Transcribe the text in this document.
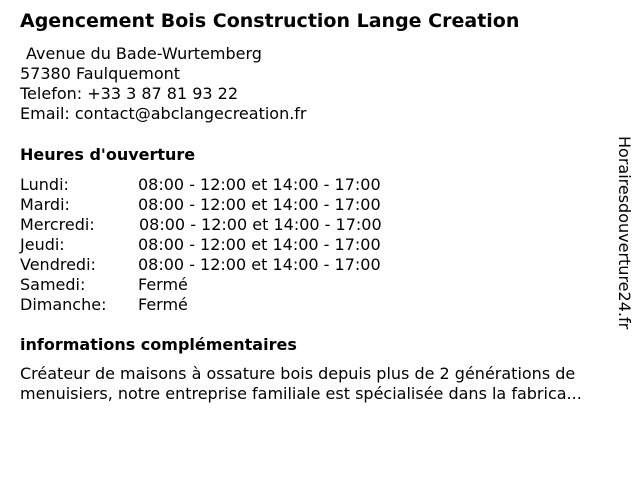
Agencement Bois Construction Lange Creation
Avenue du Bade-Wurtemberg
57380 Faulquemont
Telefon: +33 3 87 81 93 22
Email: contact@abclangecreation.fr
Heures d'ouverture
Lundi:	08:00 - 12:00 et 14:00 - 17:00
Mardi:	08:00 - 12:00 et 14:00 - 17:00
Mercredi:	08:00 - 12:00 et 14:00 - 17:00
Jeudi:	08:00 - 12:00 et 14:00 - 17:00
Vendredi:	08:00 - 12:00 et 14:00 - 17:00
Samedi:	Fermé
Dimanche: Fermé
informations complémentaires
Créateur de maisons à ossature bois depuis plus de 2 générations de
menuisiers, notre entreprise familiale est spécialisée dans la fabrica...
Horairesdouverture24.fr
